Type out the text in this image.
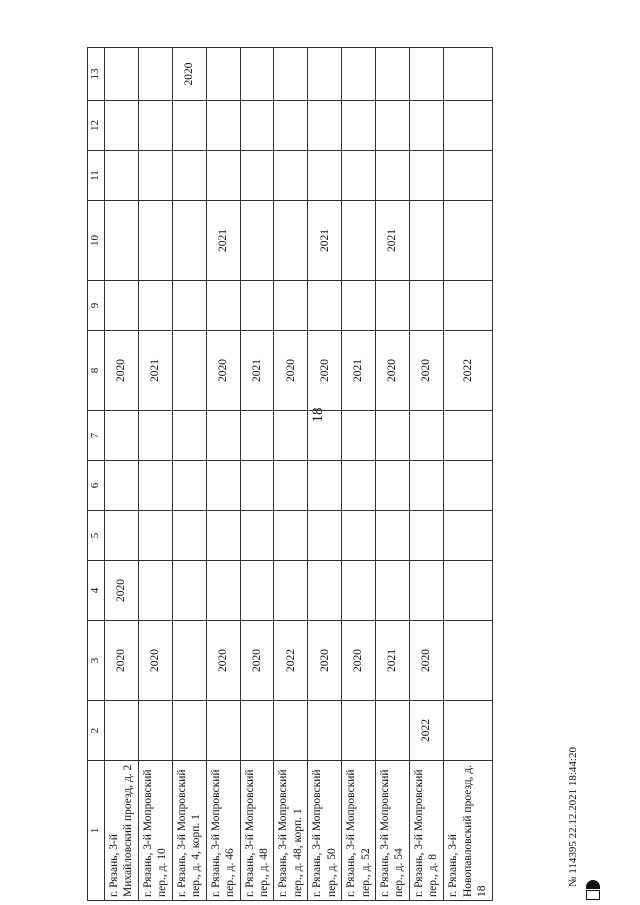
18
1	2	3	4	5	6	7	8	9	10	11	12	13
г. Рязань, 3-й Михайловский проезд, д. 2		2020	2020				2020					
г. Рязань, 3-й Мопровский пер., д. 10		2020					2021					
г. Рязань, 3-й Мопровский пер., д. 4, корп. 1												2020
г. Рязань, 3-й Мопровский пер., д. 46		2020					2020		2021			
г. Рязань, 3-й Мопровский пер., д. 48		2020					2021					
г. Рязань, 3-й Мопровский пер., д. 48, корп. 1		2022					2020					
г. Рязань, 3-й Мопровский пер., д. 50		2020					2020		2021			
г. Рязань, 3-й Мопровский пер., д. 52		2020					2021					
г. Рязань, 3-й Мопровский пер., д. 54		2021					2020		2021			
г. Рязань, 3-й Мопровский пер., д. 8	2022	2020					2020					
г. Рязань, 3-й Новопавловский проезд, д. 18							2022					
№ 114395 22.12.2021 18:44:20
